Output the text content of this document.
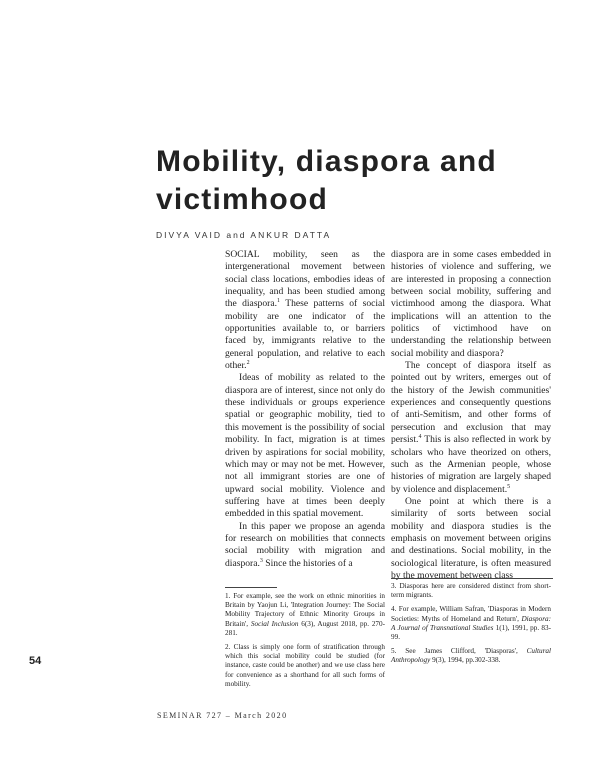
Mobility, diaspora and
victimhood
DIVYA VAID and ANKUR DATTA

SOCIAL mobility, seen as the intergenerational movement between social class locations, embodies ideas of inequality, and has been studied among the diaspora.$^1$ These patterns of social mobility are one indicator of the opportunities available to, or barriers faced by, immigrants relative to the general population, and relative to each other.$^2$

Ideas of mobility as related to the diaspora are of interest, since not only do these individuals or groups experience spatial or geographic mobility, tied to this movement is the possibility of social mobility. In fact, migration is at times driven by aspirations for social mobility, which may or may not be met. However, not all immigrant stories are one of upward social mobility. Violence and suffering have at times been deeply embedded in this spatial movement.

In this paper we propose an agenda for research on mobilities that connects social mobility with migration and diaspora.$^3$ Since the histories of a

diaspora are in some cases embedded in histories of violence and suffering, we are interested in proposing a connection between social mobility, suffering and victimhood among the diaspora. What implications will an attention to the politics of victimhood have on understanding the relationship between social mobility and diaspora?

The concept of diaspora itself as pointed out by writers, emerges out of the history of the Jewish communities' experiences and consequently questions of anti-Semitism, and other forms of persecution and exclusion that may persist.$^4$ This is also reflected in work by scholars who have theorized on others, such as the Armenian people, whose histories of migration are largely shaped by violence and displacement.$^5$

One point at which there is a similarity of sorts between social mobility and diaspora studies is the emphasis on movement between origins and destinations. Social mobility, in the sociological literature, is often measured by the movement between class

1. For example, see the work on ethnic minorities in Britain by Yaojun Li, 'Integration Journey: The Social Mobility Trajectory of Ethnic Minority Groups in Britain', Social Inclusion 6(3), August 2018, pp. 270-281.

2. Class is simply one form of stratification through which this social mobility could be studied (for instance, caste could be another) and we use class here for convenience as a shorthand for all such forms of mobility.

3. Diasporas here are considered distinct from short-term migrants.

4. For example, William Safran, 'Diasporas in Modern Societies: Myths of Homeland and Return', Diaspora: A Journal of Transnational Studies 1(1), 1991, pp. 83-99.

5. See James Clifford, 'Diasporas', Cultural Anthropology 9(3), 1994, pp.302-338.

54
SEMINAR 727 – March 2020
